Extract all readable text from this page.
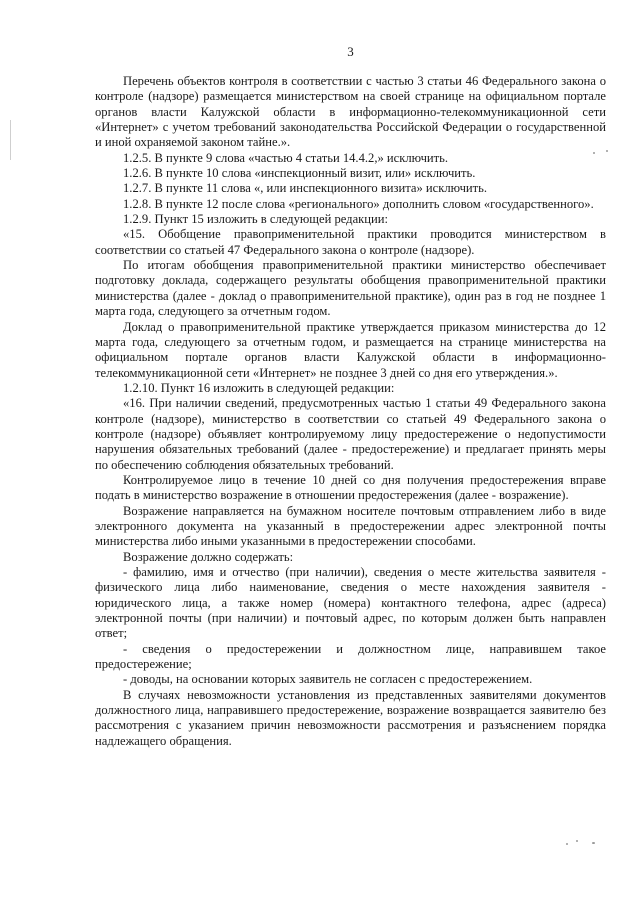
3

Перечень объектов контроля в соответствии с частью 3 статьи 46 Федерального закона о контроле (надзоре) размещается министерством на своей странице на официальном портале органов власти Калужской области в информационно-телекоммуникационной сети «Интернет» с учетом требований законодательства Российской Федерации о государственной и иной охраняемой законом тайне.».

1.2.5. В пункте 9 слова «частью 4 статьи 14.4.2,» исключить.

1.2.6. В пункте 10 слова «инспекционный визит, или» исключить.

1.2.7. В пункте 11 слова «, или инспекционного визита» исключить.

1.2.8. В пункте 12 после слова «регионального» дополнить словом «государственного».

1.2.9. Пункт 15 изложить в следующей редакции:

«15. Обобщение правоприменительной практики проводится министерством в соответствии со статьей 47 Федерального закона о контроле (надзоре).

По итогам обобщения правоприменительной практики министерство обеспечивает подготовку доклада, содержащего результаты обобщения правоприменительной практики министерства (далее - доклад о правоприменительной практике), один раз в год не позднее 1 марта года, следующего за отчетным годом.

Доклад о правоприменительной практике утверждается приказом министерства до 12 марта года, следующего за отчетным годом, и размещается на странице министерства на официальном портале органов власти Калужской области в информационно-телекоммуникационной сети «Интернет» не позднее 3 дней со дня его утверждения.».

1.2.10. Пункт 16 изложить в следующей редакции:

«16. При наличии сведений, предусмотренных частью 1 статьи 49 Федерального закона контроле (надзоре), министерство в соответствии со статьей 49 Федерального закона о контроле (надзоре) объявляет контролируемому лицу предостережение о недопустимости нарушения обязательных требований (далее - предостережение) и предлагает принять меры по обеспечению соблюдения обязательных требований.

Контролируемое лицо в течение 10 дней со дня получения предостережения вправе подать в министерство возражение в отношении предостережения (далее - возражение).

Возражение направляется на бумажном носителе почтовым отправлением либо в виде электронного документа на указанный в предостережении адрес электронной почты министерства либо иными указанными в предостережении способами.

Возражение должно содержать:

- фамилию, имя и отчество (при наличии), сведения о месте жительства заявителя - физического лица либо наименование, сведения о месте нахождения заявителя - юридического лица, а также номер (номера) контактного телефона, адрес (адреса) электронной почты (при наличии) и почтовый адрес, по которым должен быть направлен ответ;

- сведения о предостережении и должностном лице, направившем такое предостережение;

- доводы, на основании которых заявитель не согласен с предостережением.

В случаях невозможности установления из представленных заявителями документов должностного лица, направившего предостережение, возражение возвращается заявителю без рассмотрения с указанием причин невозможности рассмотрения и разъяснением порядка надлежащего обращения.
